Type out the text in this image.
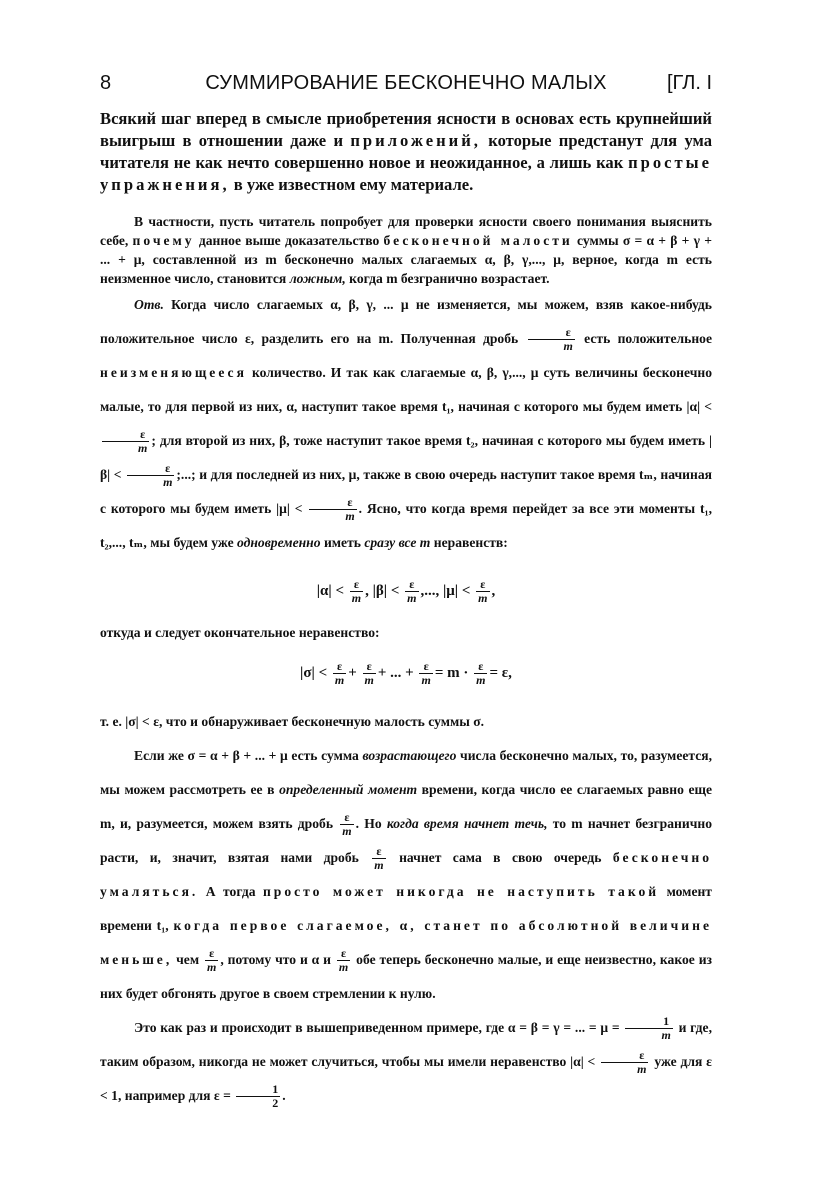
8	СУММИРОВАНИЕ БЕСКОНЕЧНО МАЛЫХ	[ГЛ. I

Всякий шаг вперед в смысле приобретения ясности в основах есть крупнейший выигрыш в отношении даже и приложений, которые предстанут для ума читателя не как нечто совершенно новое и неожиданное, а лишь как простые упражнения, в уже известном ему материале.

В частности, пусть читатель попробует для проверки ясности своего понимания выяснить себе, почему данное выше доказательство бесконечной малости суммы σ = α + β + γ + ... + μ, составленной из m бесконечно малых слагаемых α, β, γ,..., μ, верное, когда m есть неизменное число, становится ложным, когда m безгранично возрастает.

Отв. Когда число слагаемых α, β, γ, ... μ не изменяется, мы можем, взяв какое-нибудь положительное число ε, разделить его на m. Полученная дробь $\frac{\varepsilon}{m}$ есть положительное неизменяющееся количество. И так как слагаемые α, β, γ,..., μ суть величины бесконечно малые, то для первой из них, α, наступит такое время t₁, начиная с которого мы будем иметь |α| <
$\frac{\varepsilon}{m}$ ; для второй из них, β, тоже наступит такое время t₂, начиная с которого мы будем иметь $|\beta| < \frac{\varepsilon}{m}$ ;...; и для последней из них, μ, также в свою очередь наступит такое время tₘ, начиная с которого мы будем иметь $|\mu| < \frac{\varepsilon}{m}$ . Ясно, что когда время перейдет за все эти моменты t₁, t₂,..., tₘ, мы будем уже одновременно иметь сразу все m неравенств:

$|\alpha| < \frac{\varepsilon}{m}$ , $|\beta| < \frac{\varepsilon}{m}$ ,..., $|\mu| < \frac{\varepsilon}{m}$ ,

откуда и следует окончательное неравенство:

$|\sigma| < \frac{\varepsilon}{m} + \frac{\varepsilon}{m}$ + ... + $\frac{\varepsilon}{m} = m \cdot \frac{\varepsilon}{m} = \varepsilon$,

т. е. |σ| < ε, что и обнаруживает бесконечную малость суммы σ.
Если же σ = α + β + ... + μ есть сумма возрастающего числа бесконечно малых, то, разумеется, мы можем рассмотреть ее в определенный момент времени, когда число ее слагаемых равно еще m, и, разумеется, можем взять дробь $\frac{\varepsilon}{m}$ . Но когда время начнет течь, то m начнет безгранично расти, и, значит, взятая нами дробь $\frac{\varepsilon}{m}$ начнет сама в свою очередь бесконечно умаляться. А тогда просто может никогда не наступить такой момент времени t₁, когда первое слагаемое, α, станет по абсолютной величине меньше, чем $\frac{\varepsilon}{m}$ , потому что и α и $\frac{\varepsilon}{m}$ обе теперь бесконечно малые, и еще неизвестно, какое из них будет обгонять другое в своем стремлении к нулю.

Это как раз и происходит в вышеприведенном примере, где α = β = γ = ... = $\mu = \frac{1}{m}$ и где, таким образом, никогда не может случиться, чтобы мы имели неравенство $|\alpha| < \frac{\varepsilon}{m}$ уже для ε < 1, например для $\varepsilon = \frac{1}{2}$ .
